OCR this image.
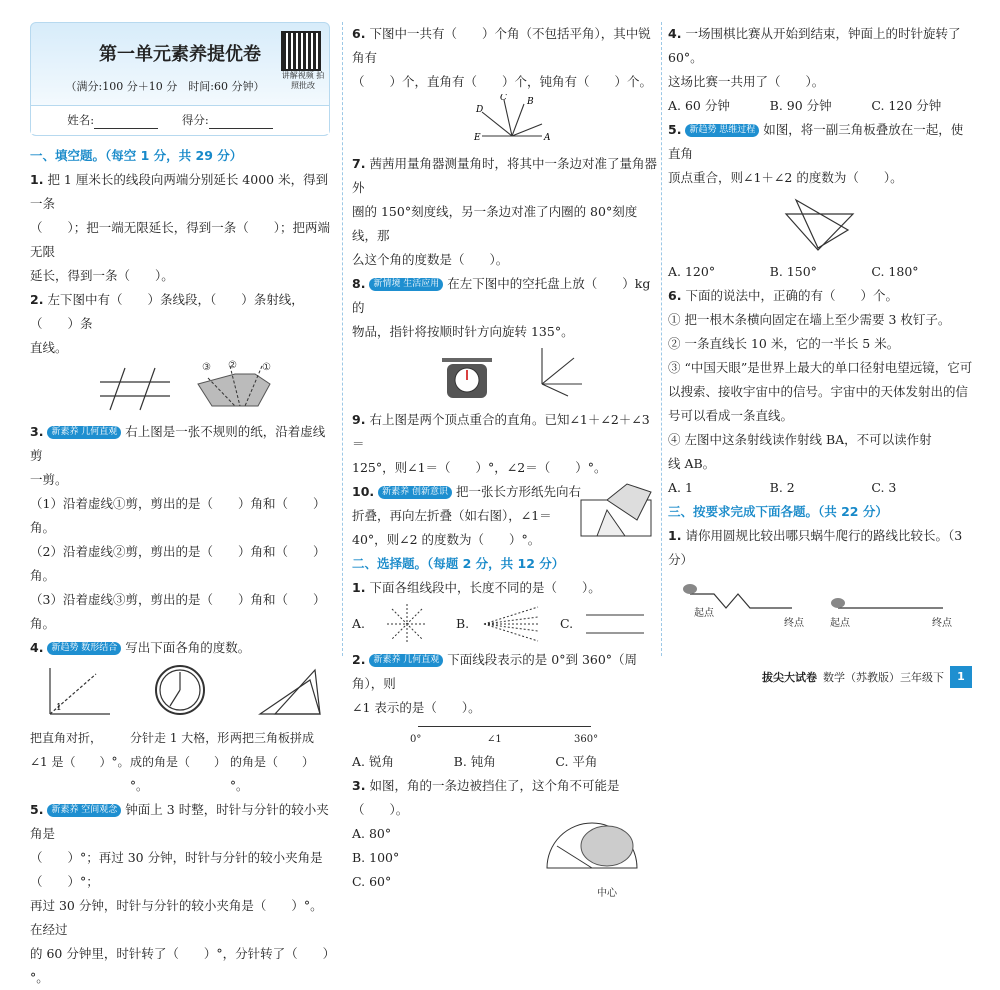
第一单元素养提优卷
（满分:100 分＋10 分　时间:60 分钟）
讲解视频 拍照批改
姓名:	得分:

一、填空题。（每空 1 分，共 29 分）

1. 把 1 厘米长的线段向两端分别延长 4000 米，得到一条

（　　）；把一端无限延长，得到一条（　　）；把两端无限

延长，得到一条（　　）。

2. 左下图中有（　　）条线段，（　　）条射线，（　　）条

直线。

③ ②	①

3. 新素养 几何直观 右上图是一张不规则的纸，沿着虚线剪

一剪。

（1）沿着虚线①剪，剪出的是（　　）角和（　　）角。

（2）沿着虚线②剪，剪出的是（　　）角和（　　）角。

（3）沿着虚线③剪，剪出的是（　　）角和（　　）角。

4. 新趋势 数形结合 写出下面各角的度数。

1
把直角对折，	分针走 1 大格，形 两把三角板拼成
∠1 是（　　）°。 成的角是（　　）°。
的角是（　　）°。

5. 新素养 空间观念 钟面上 3 时整，时针与分针的较小夹角是

（　　）°；再过 30 分钟，时针与分针的较小夹角是（　　）°；

再过 30 分钟，时针与分针的较小夹角是（　　）°。在经过

的 60 分钟里，时针转了（　　）°，分针转了（　　）°。

6. 下图中一共有（　　）个角（不包括平角），其中锐角有

（　　）个，直角有（　　）个，钝角有（　　）个。

E	A
D
C B

7. 茜茜用量角器测量角时，将其中一条边对准了量角器外

圈的 150°刻度线，另一条边对准了内圈的 80°刻度线，那

么这个角的度数是（　　）。

8. 新情境 生活应用 在左下图中的空托盘上放（　　）kg 的

物品，指针将按顺时针方向旋转 135°。

9. 右上图是两个顶点重合的直角。已知∠1＋∠2＋∠3＝

125°，则∠1＝（　　）°，∠2＝（　　）°。

10. 新素养 创新意识 把一张长方形纸先向右

折叠，再向左折叠（如右图），∠1＝

40°，则∠2 的度数为（　　）°。

二、选择题。（每题 2 分，共 12 分）

1. 下面各组线段中，长度不同的是（　　）。

A.	B.	C.

2. 新素养 几何直观 下面线段表示的是 0°到 360°（周角），则

∠1 表示的是（　　）。

0°	∠1	360°
A. 锐角	B. 钝角	C. 平角

3. 如图，角的一条边被挡住了，这个角不可能是（　　）。

A. 80°

B. 100°

C. 60°

中心

4. 一场围棋比赛从开始到结束，钟面上的时针旋转了 60°。

这场比赛一共用了（　　）。

A. 60 分钟	B. 90 分钟	C. 120 分钟

5. 新趋势 思维过程 如图，将一副三角板叠放在一起，使直角

顶点重合，则∠1＋∠2 的度数为（　　）。

A. 120°	B. 150°	C. 180°

6. 下面的说法中，正确的有（　　）个。

① 把一根木条横向固定在墙上至少需要 3 枚钉子。

② 一条直线长 10 米，它的一半长 5 米。

③ “中国天眼”是世界上最大的单口径射电望远镜，它可

以搜索、接收宇宙中的信号。宇宙中的天体发射出的信

号可以看成一条直线。

④ 左图中这条射线读作射线 BA，不可以读作射

线 AB。

A. 1	B. 2	C. 3

三、按要求完成下面各题。（共 22 分）

1. 请你用圆规比较出哪只蜗牛爬行的路线比较长。（3 分）

起点
终点	起点	终点
拔尖大试卷 数学（苏教版）三年级下	1
